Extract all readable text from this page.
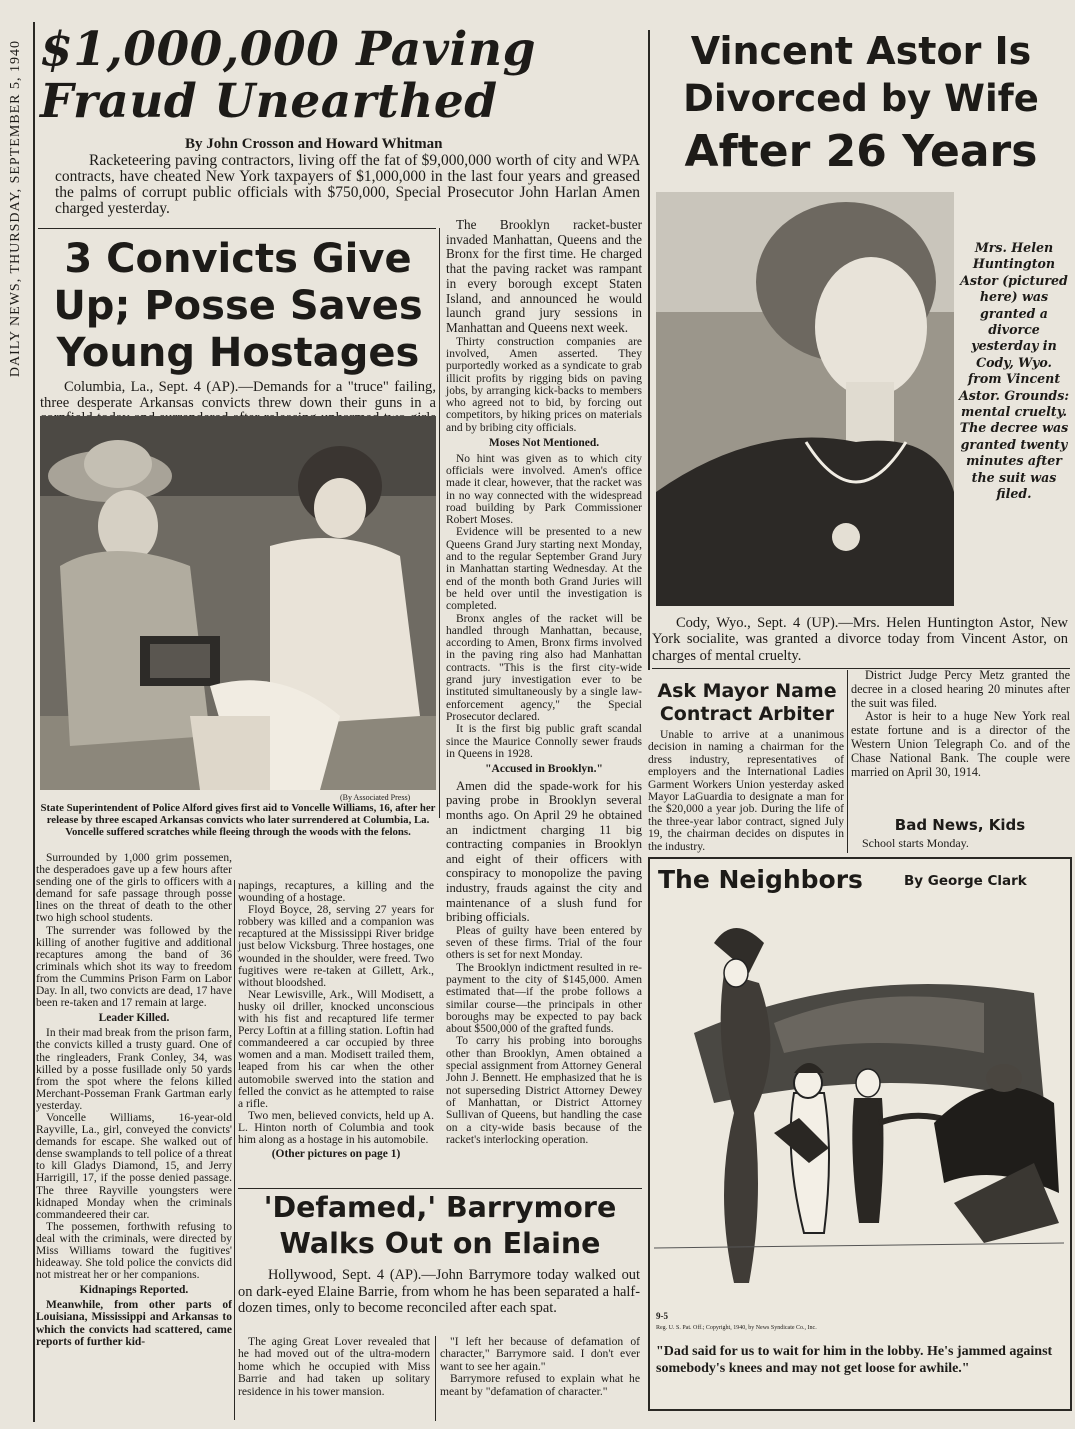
DAILY NEWS, THURSDAY, SEPTEMBER 5, 1940 $1,000,000 Paving
Fraud Unearthed
By John Crosson and Howard Whitman
Racketeering paving contractors, living off the fat of $9,000,000 worth of city and WPA contracts, have cheated New York taxpayers of $1,000,000 in the last four years and greased the palms of corrupt public officials with $750,000, Special Prosecutor John Harlan Amen charged yesterday.

The Brooklyn racket-buster invaded Manhattan, Queens and the Bronx for the first time. He charged that the paving racket was rampant in every borough except Staten Island, and announced he would launch grand jury sessions in Manhattan and Queens next week.

Thirty construction companies are involved, Amen asserted. They purportedly worked as a syndicate to grab illicit profits by rigging bids on paving jobs, by arranging kick-backs to members who agreed not to bid, by forcing out competitors, by hiking prices on materials and by bribing city officials.

Moses Not Mentioned.

No hint was given as to which city officials were involved. Amen's office made it clear, however, that the racket was in no way connected with the widespread road building by Park Commissioner Robert Moses.

Evidence will be presented to a new Queens Grand Jury starting next Monday, and to the regular September Grand Jury in Manhattan starting Wednesday. At the end of the month both Grand Juries will be held over until the investigation is completed.

Bronx angles of the racket will be handled through Manhattan, because, according to Amen, Bronx firms involved in the paving ring also had Manhattan contracts. "This is the first city-wide grand jury investigation ever to be instituted simultaneously by a single law-enforcement agency," the Special Prosecutor declared.

It is the first big public graft scandal since the Maurice Connolly sewer frauds in Queens in 1928.

"Accused in Brooklyn."

Amen did the spade-work for his paving probe in Brooklyn several months ago. On April 29 he obtained an indictment charging 11 big contracting companies in Brooklyn and eight of their officers with conspiracy to monopolize the paving industry, frauds against the city and maintenance of a slush fund for bribing officials.

Pleas of guilty have been entered by seven of these firms. Trial of the four others is set for next Monday.

The Brooklyn indictment resulted in re-payment to the city of $145,000. Amen estimated that—if the probe follows a similar course—the principals in other boroughs may be expected to pay back about $500,000 of the grafted funds.

To carry his probing into boroughs other than Brooklyn, Amen obtained a special assignment from Attorney General John J. Bennett. He emphasized that he is not superseding District Attorney Dewey of Manhattan, or District Attorney Sullivan of Queens, but handling the case on a city-wide basis because of the racket's interlocking operation.

3 Convicts Give
Up; Posse Saves
Young Hostages
Columbia, La., Sept. 4 (AP).—Demands for a "truce" failing, three desperate Arkansas convicts threw down their guns in a
(By Associated Press)
State Superintendent of Police Alford gives first aid to Voncelle Williams, 16, after her release by three escaped Arkansas convicts who later surrendered at Columbia, La. Voncelle suffered scratches while fleeing through the woods with the felons.

Surrounded by 1,000 grim possemen, the desperadoes gave up a few hours after sending one of the girls to officers with a demand for safe passage through posse lines on the threat of death to the other two high school students.

The surrender was followed by the killing of another fugitive and additional recaptures among the band of 36 criminals which shot its way to freedom from the Cummins Prison Farm on Labor Day. In all, two convicts are dead, 17 have been re-taken and 17 remain at large.

Leader Killed.

In their mad break from the prison farm, the convicts killed a trusty guard. One of the ringleaders, Frank Conley, 34, was killed by a posse fusillade only 50 yards from the spot where the felons killed Merchant-Posseman Frank Gartman early yesterday.

Voncelle Williams, 16-year-old Rayville, La., girl, conveyed the convicts' demands for escape. She walked out of dense swamplands to tell police of a threat to kill Gladys Diamond, 15, and Jerry Harrigill, 17, if the posse denied passage. The three Rayville youngsters were kidnaped Monday when the criminals commandeered their car.

The possemen, forthwith refusing to deal with the criminals, were directed by Miss Williams toward the fugitives' hideaway. She told police the convicts did not mistreat her or her companions.

Kidnapings Reported.

Meanwhile, from other parts of Louisiana, Mississippi and Arkansas to which the convicts had scattered, came reports of further kid-

napings, recaptures, a killing and the wounding of a hostage.

Floyd Boyce, 28, serving 27 years for robbery was killed and a companion was recaptured at the Mississippi River bridge just below Vicksburg. Three hostages, one wounded in the shoulder, were freed. Two fugitives were re-taken at Gillett, Ark., without bloodshed.

Near Lewisville, Ark., Will Modisett, a husky oil driller, knocked unconscious with his fist and recaptured life termer Percy Loftin at a filling station. Loftin had commandeered a car occupied by three women and a man. Modisett trailed them, leaped from his car when the other automobile swerved into the station and felled the convict as he attempted to raise a rifle.

Two men, believed convicts, held up A. L. Hinton north of Columbia and took him along as a hostage in his automobile.

(Other pictures on page 1)

Vincent Astor Is
Divorced by Wife
After 26 Years
Mrs. Helen Huntington Astor (pictured here) was granted a divorce yesterday in Cody, Wyo. from Vincent Astor. Grounds: mental cruelty. The decree was granted twenty minutes after the suit was filed.
Cody, Wyo., Sept. 4 (UP).—Mrs. Helen Huntington Astor, New York socialite, was granted a divorce today from Vincent Astor, on charges of mental cruelty.

District Judge Percy Metz granted the decree in a closed hearing 20 minutes after the suit was filed.

Astor is heir to a huge New York real estate fortune and is a director of the Western Union Telegraph Co. and of the Chase National Bank. The couple were married on April 30, 1914.

Bad News, Kids
School starts Monday.
Ask Mayor Name
Contract Arbiter
Unable to arrive at a unanimous decision in naming a chairman for the dress industry, representatives of employers and the International Ladies Garment Workers Union yesterday asked Mayor LaGuardia to designate a man for the $20,000 a year job. During the life of the three-year labor contract, signed July 19, the chairman decides on disputes in the industry.
The Neighbors	By George Clark
9-5
Reg. U. S. Pat. Off.; Copyright, 1940, by News Syndicate Co., Inc.
"Dad said for us to wait for him in the lobby. He's jammed against somebody's knees and may not get loose for awhile."
'Defamed,' Barrymore
Walks Out on Elaine
Hollywood, Sept. 4 (AP).—John Barrymore today walked out on dark-eyed Elaine Barrie, from whom he has been separated a half-dozen times, only to become reconciled after each spat.
The aging Great Lover revealed that he had moved out of the ultra-modern home which he occupied with Miss Barrie and had taken up solitary residence in his tower mansion.

"I left her because of defamation of character," Barrymore said. I don't ever want to see her again."

Barrymore refused to explain what he meant by "defamation of character."
